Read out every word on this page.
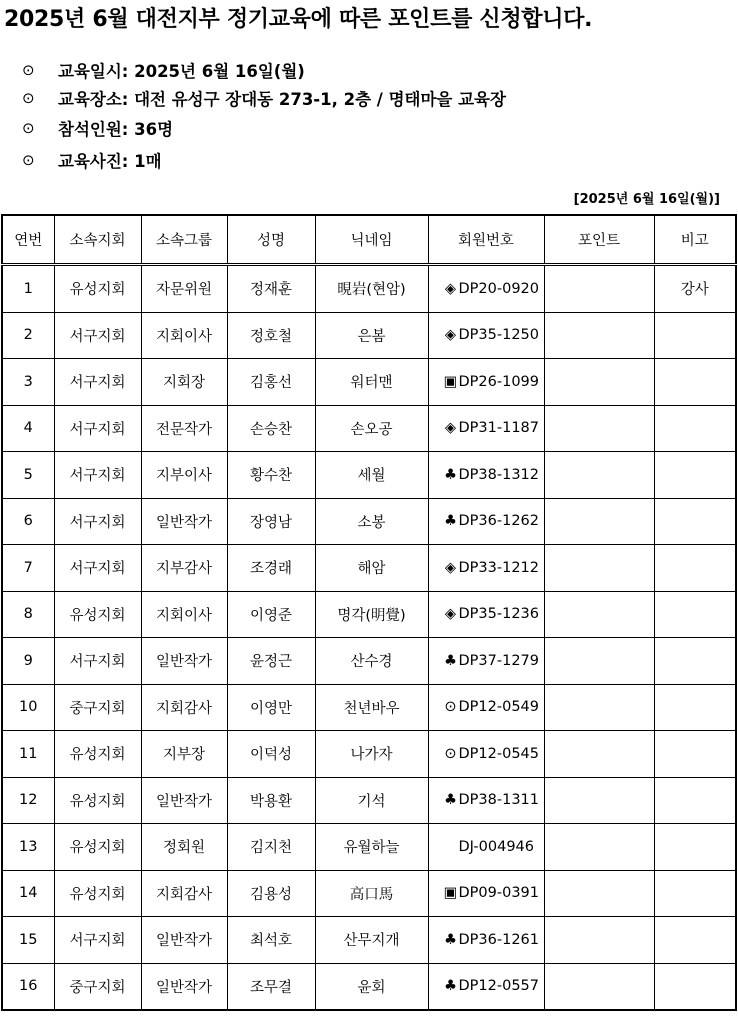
2025년 6월 대전지부 정기교육에 따른 포인트를 신청합니다.
⊙	교육일시:
2025년 6월 16일(월)
⊙	교육장소:
대전 유성구 장대동 273-1, 2층 / 명태마을 교육장
⊙	참석인원:
36명
⊙	교육사진:
1매
[2025년 6월 16일(월)]
연번	소속지회	소속그룹	성명	닉네임	회원번호	포인트	비고
1	유성지회	자문위원	정재훈	晛岩(현암)	◈ DP20-0920		강사
2	서구지회	지회이사	정호철	은봄	◈ DP35-1250		
3	서구지회	지회장	김홍선	워터맨	▣DP26-1099		
4	서구지회	전문작가	손승찬	손오공	◈ DP31-1187		
5	서구지회	지부이사	황수찬	세월	♣ DP38-1312		
6	서구지회	일반작가	장영남	소봉	♣ DP36-1262		
7	서구지회	지부감사	조경래	해암	◈ DP33-1212		
8	유성지회	지회이사	이영준	명각(明覺)	◈ DP35-1236		
9	서구지회	일반작가	윤정근	산수경	♣ DP37-1279		
10	중구지회	지회감사	이영만	천년바우	⊙ DP12-0549		
11	유성지회	지부장	이덕성	나가자	⊙ DP12-0545		
12	유성지회	일반작가	박용환	기석	♣ DP38-1311		
13	유성지회	정회원	김지천	유월하늘	DJ-004946		
14	유성지회	지회감사	김용성	高口馬	▣DP09-0391		
15	서구지회	일반작가	최석호	산무지개	♣ DP36-1261		
16	중구지회	일반작가	조무결	윤회	♣ DP12-0557		
